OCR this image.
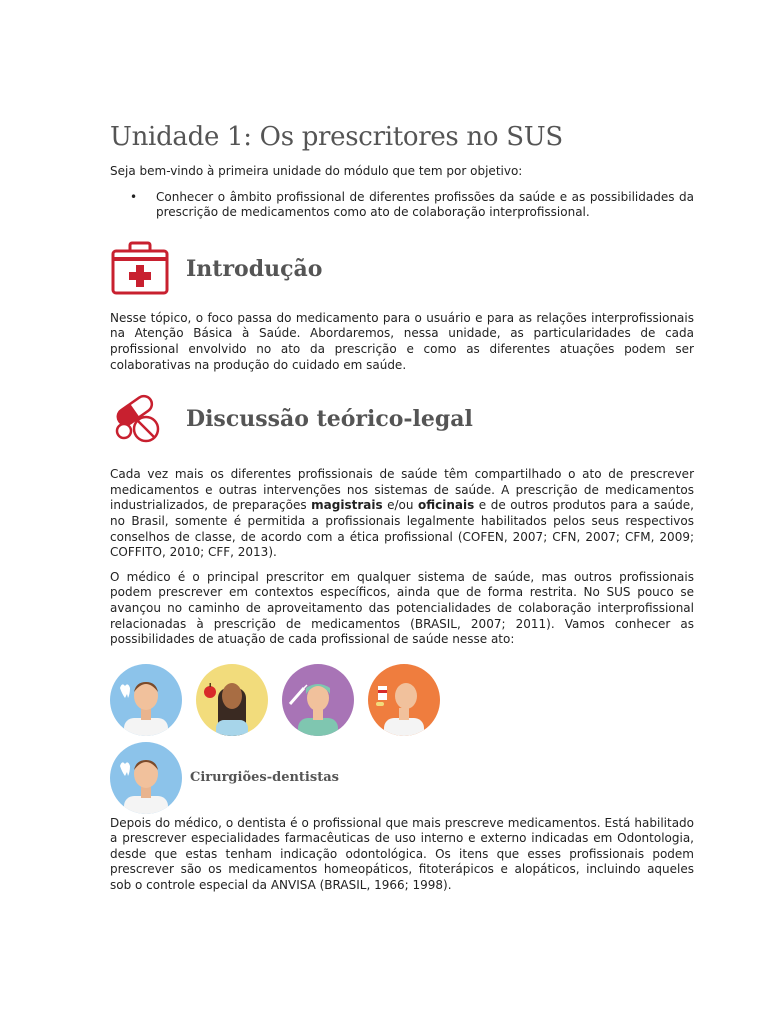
Unidade 1: Os prescritores no SUS

Seja bem-vindo à primeira unidade do módulo que tem por objetivo:

• Conhecer o âmbito profissional de diferentes profissões da saúde e as possibilidades da prescrição de medicamentos como ato de colaboração interprofissional.
Introdução

Nesse tópico, o foco passa do medicamento para o usuário e para as relações interprofissionais na Atenção Básica à Saúde. Abordaremos, nessa unidade, as particularidades de cada profissional envolvido no ato da prescrição e como as diferentes atuações podem ser colaborativas na produção do cuidado em saúde.

Discussão teórico-legal

Cada vez mais os diferentes profissionais de saúde têm compartilhado o ato de prescrever medicamentos e outras intervenções nos sistemas de saúde. A prescrição de medicamentos industrializados, de preparações magistrais e/ou oficinais e de outros produtos para a saúde, no Brasil, somente é permitida a profissionais legalmente habilitados pelos seus respectivos conselhos de classe, de acordo com a ética profissional (COFEN, 2007; CFN, 2007; CFM, 2009; COFFITO, 2010; CFF, 2013).

O médico é o principal prescritor em qualquer sistema de saúde, mas outros profissionais podem prescrever em contextos específicos, ainda que de forma restrita. No SUS pouco se avançou no caminho de aproveitamento das potencialidades de colaboração interprofissional relacionadas à prescrição de medicamentos (BRASIL, 2007; 2011). Vamos conhecer as possibilidades de atuação de cada profissional de saúde nesse ato:

Cirurgiões-dentistas

Depois do médico, o dentista é o profissional que mais prescreve medicamentos. Está habilitado a prescrever especialidades farmacêuticas de uso interno e externo indicadas em Odontologia, desde que estas tenham indicação odontológica. Os itens que esses profissionais podem prescrever são os medicamentos homeopáticos, fitoterápicos e alopáticos, incluindo aqueles sob o controle especial da ANVISA (BRASIL, 1966; 1998).
